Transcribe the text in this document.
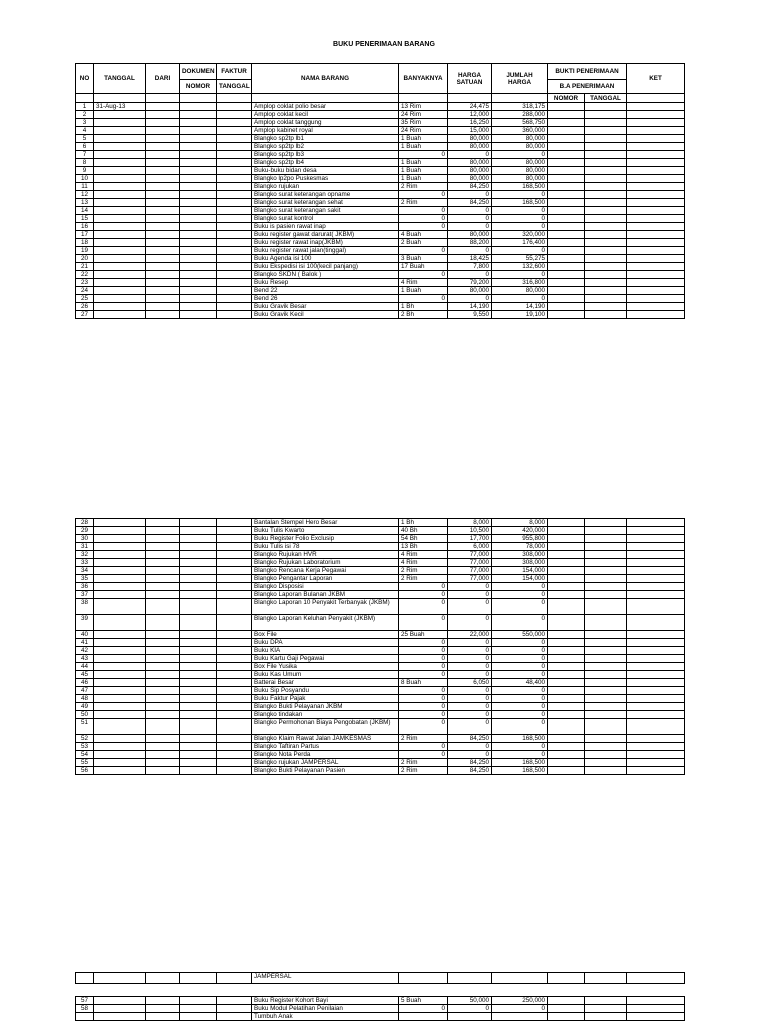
BUKU PENERIMAAN BARANG
NO	TANGGAL	DARI	DOKUMEN	FAKTUR	NAMA BARANG	BANYAKNYA	HARGA SATUAN	JUMLAH HARGA	BUKTI PENERIMAAN		KET
			NOMOR	TANGGAL					B.A PENERIMAAN		
									NOMOR	TANGGAL	
1	31-Aug-13				Amplop coklat polio besar	13 Rim	24,475	318,175			
2					Amplop coklat kecil	24 Rim	12,000	288,000			
3					Amplop coklat tanggung	35 Rim	16,250	568,750			
4					Amplop kabinet royal	24 Rim	15,000	360,000			
5					Blangko sp2tp lb1	1 Buah	80,000	80,000			
6					Blangko sp2tp lb2	1 Buah	80,000	80,000			
7					Blangko sp2tp lb3	0	0	0			
8					Blangko sp2tp lb4	1 Buah	80,000	80,000			
9					Buku-buku bidan desa	1 Buah	80,000	80,000			
10					Blangko lp2po Puskesmas	1 Buah	80,000	80,000			
11					Blangko rujukan	2 Rim	84,250	168,500			
12					Blangko surat keterangan opname	0	0	0			
13					Blangko surat keterangan sehat	2 Rim	84,250	168,500			
14					Blangko surat keterangan sakit	0	0	0			
15					Blangko surat kontrol	0	0	0			
16					Buku is pasien rawat inap	0	0	0			
17					Buku register gawat darurat( JKBM)	4 Buah	80,000	320,000			
18					Buku register rawat inap(JKBM)	2 Buah	88,200	176,400			
19					Buku register rawat jalan(tinggal)	0	0	0			
20					Buku Agenda isi 100	3 Buah	18,425	55,275			
21					Buku Ekspedisi isi 100(kecil panjang)	17 Buah	7,800	132,600			
22					Blangko SKDN ( Balok )	0	0	0			
23					Buku Resep	4 Rim	79,200	316,800			
24					Bend 22	1 Buah	80,000	80,000			
25					Bend 26	0	0	0			
26					Buku Gravik Besar	1 Bh	14,190	14,190			
27					Buku Gravik Kecil	2 Bh	9,550	19,100			
28					Bantalan Stempel Hero Besar	1 Bh	8,000	8,000			
29					Buku Tulis Kwarto	40 Bh	10,500	420,000			
30					Buku Register Folio Exclusip	54 Bh	17,700	955,800			
31					Buku Tulis isi 78	13 Bh	6,000	78,000			
32					Blangko Rujukan HVR	4 Rim	77,000	308,000			
33					Blangko Rujukan Laboratorium	4 Rim	77,000	308,000			
34					Blangko Rencana Kerja Pegawai	2 Rim	77,000	154,000			
35					Blangko Pengantar Laporan	2 Rim	77,000	154,000			
36					Blangko Disposisi	0	0	0			
37					Blangko Laporan Bulanan JKBM	0	0	0			
38					Blangko Laporan 10 Penyakit Terbanyak (JKBM)	0	0	0			
39					Blangko Laporan Keluhan Penyakit (JKBM)	0	0	0			
40					Box File	25 Buah	22,000	550,000			
41					Buku DPA	0	0	0			
42					Buku KIA	0	0	0			
43					Buku Kartu Gaji Pegawai	0	0	0			
44					Box File Yusika	0	0	0			
45					Buku Kas Umum	0	0	0			
46					Batterai Besar	8 Buah	6,050	48,400			
47					Buku Sip Posyandu	0	0	0			
48					Buku Faktur Pajak	0	0	0			
49					Blangko Bukti Pelayanan JKBM	0	0	0			
50					Blangko tindakan	0	0	0			
51					Blangko Permohonan Biaya Pengobatan (JKBM)	0	0	0			
52					Blangko Klaim Rawat Jalan JAMKESMAS	2 Rim	84,250	168,500			
53					Blangko Taftiran Partus	0	0	0			
54					Blangko Nota Perda	0	0	0			
55					Blangko rujukan JAMPERSAL	2 Rim	84,250	168,500			
56					Blangko Bukti Pelayanan Pasien	2 Rim	84,250	168,500			
					JAMPERSAL						
57					Buku Register Kohort Bayi	5 Buah	50,000	250,000			
58					Buku Modul Pelatihan Penilaian	0	0	0			
					Tumbuh Anak						
